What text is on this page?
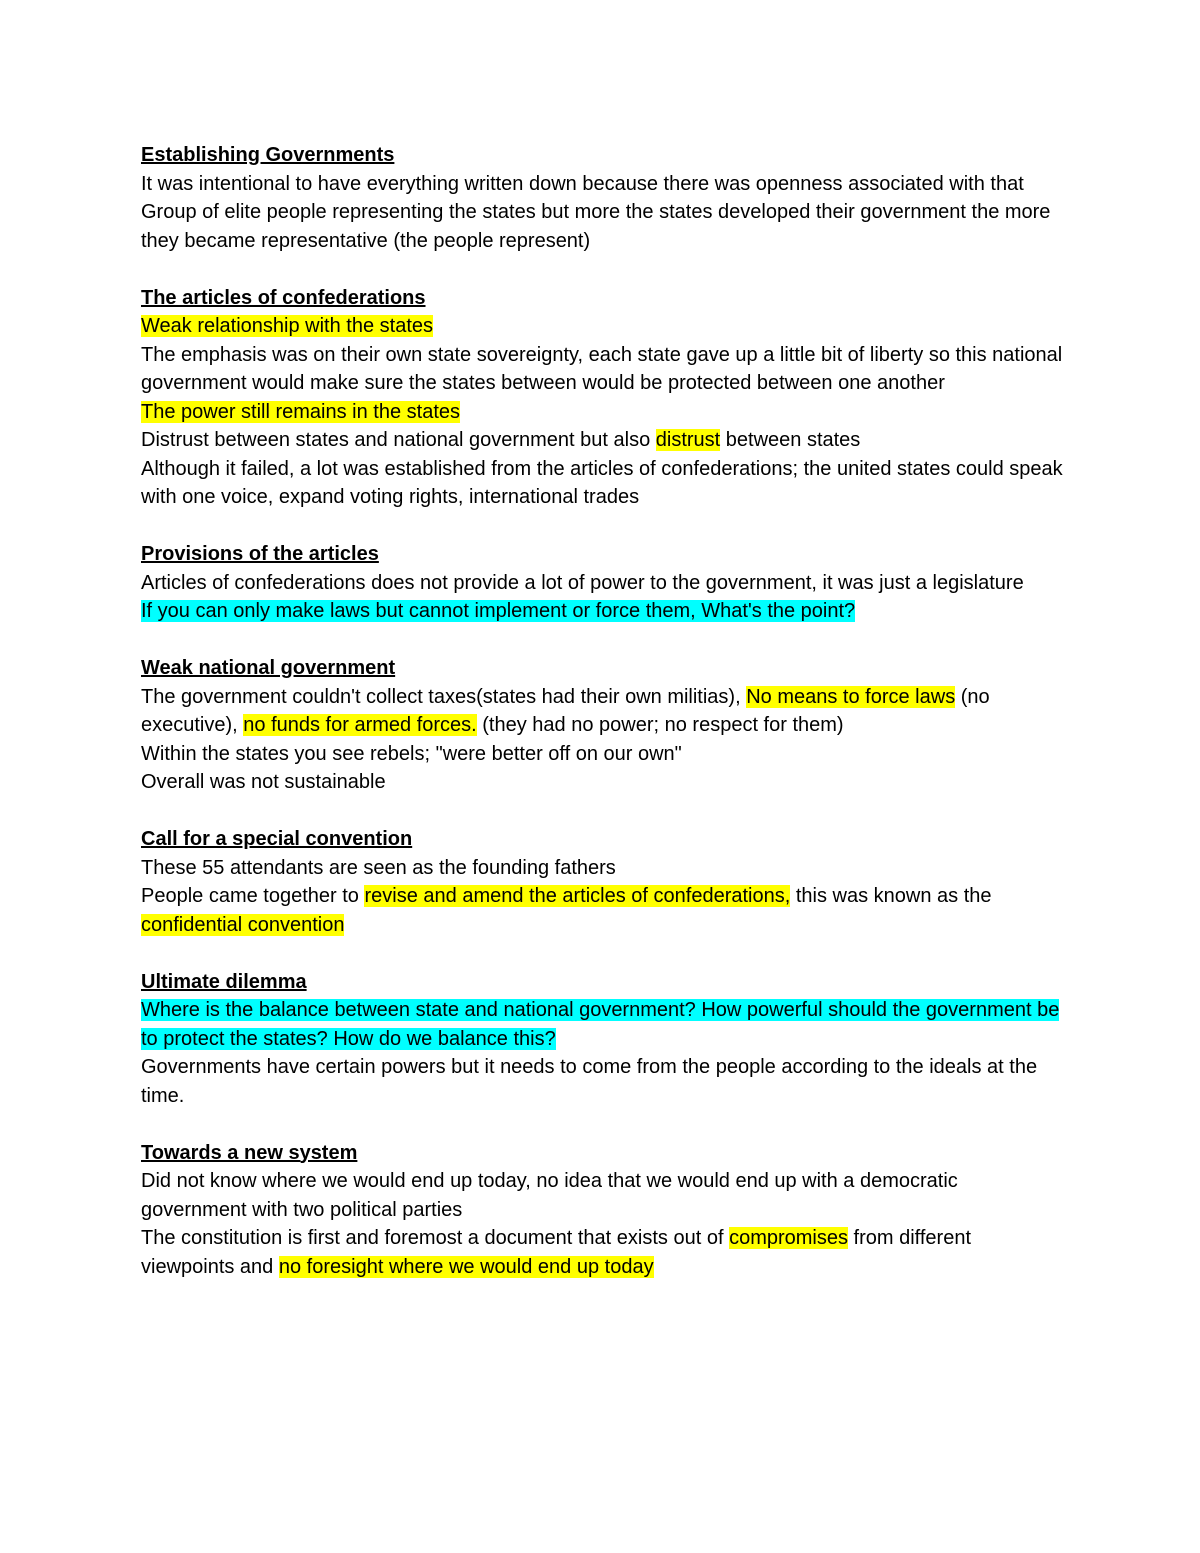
Establishing Governments

It was intentional to have everything written down because there was openness associated with that

Group of elite people representing the states but more the states developed their government the more they became representative (the people represent)

The articles of confederations

Weak relationship with the states

The emphasis was on their own state sovereignty, each state gave up a little bit of liberty so this national government would make sure the states between would be protected between one another

The power still remains in the states

Distrust between states and national government but also distrust between states

Although it failed, a lot was established from the articles of confederations; the united states could speak with one voice, expand voting rights, international trades

Provisions of the articles

Articles of confederations does not provide a lot of power to the government, it was just a legislature

If you can only make laws but cannot implement or force them, What's the point?

Weak national government

The government couldn't collect taxes(states had their own militias), No means to force laws (no executive), no funds for armed forces. (they had no power; no respect for them)

Within the states you see rebels; "were better off on our own"

Overall was not sustainable

Call for a special convention

These 55 attendants are seen as the founding fathers

People came together to revise and amend the articles of confederations, this was known as the confidential convention

Ultimate dilemma

Where is the balance between state and national government? How powerful should the government be to protect the states? How do we balance this?

Governments have certain powers but it needs to come from the people according to the ideals at the time.

Towards a new system

Did not know where we would end up today, no idea that we would end up with a democratic government with two political parties

The constitution is first and foremost a document that exists out of compromises from different viewpoints and no foresight where we would end up today
